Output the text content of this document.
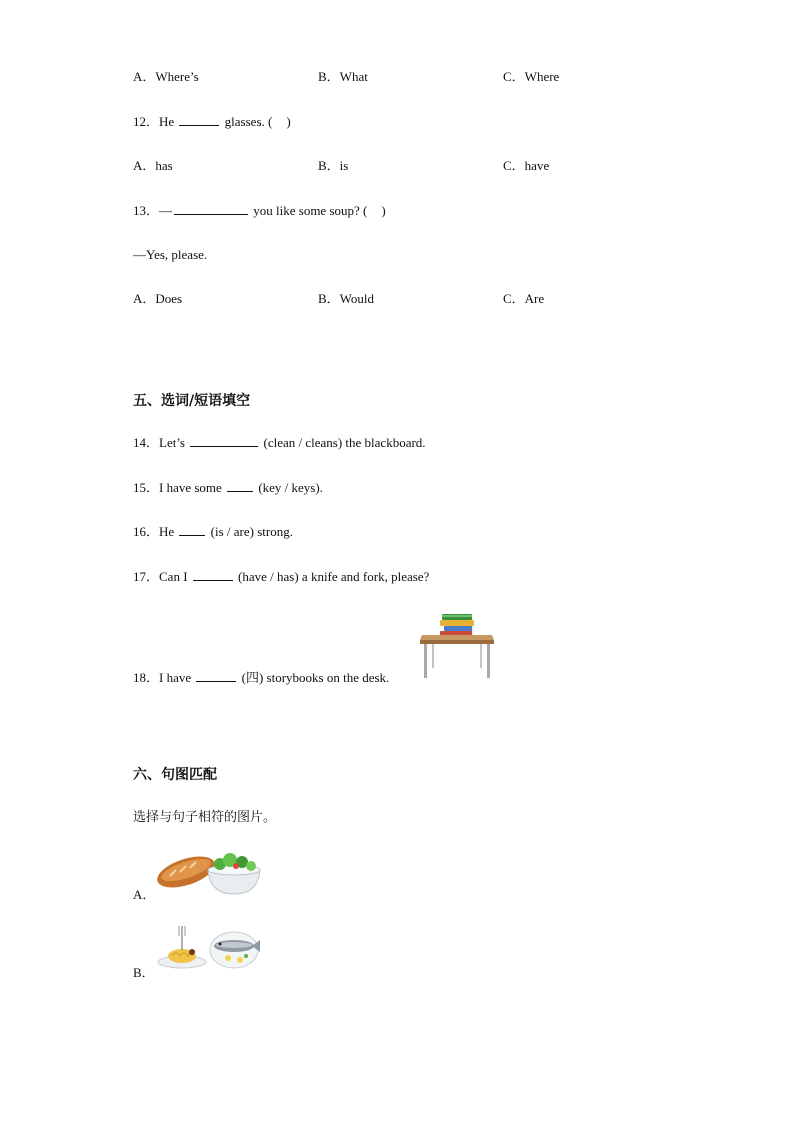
A．Where’s	B．What	C．Where
12．He	glasses. ( )
A．has	B．is	C．have
13．—	you like some soup? ( )
—Yes, please.
A．Does	B．Would	C．Are
五、选词/短语填空
14．Let’s	(clean / cleans) the blackboard.
15．I have some	(key / keys).
16．He	(is / are) strong.
17．Can I	(have / has) a knife and fork, please?
18．I have	(四) storybooks on the desk.
六、句图匹配
选择与句子相符的图片。
A．
B．
